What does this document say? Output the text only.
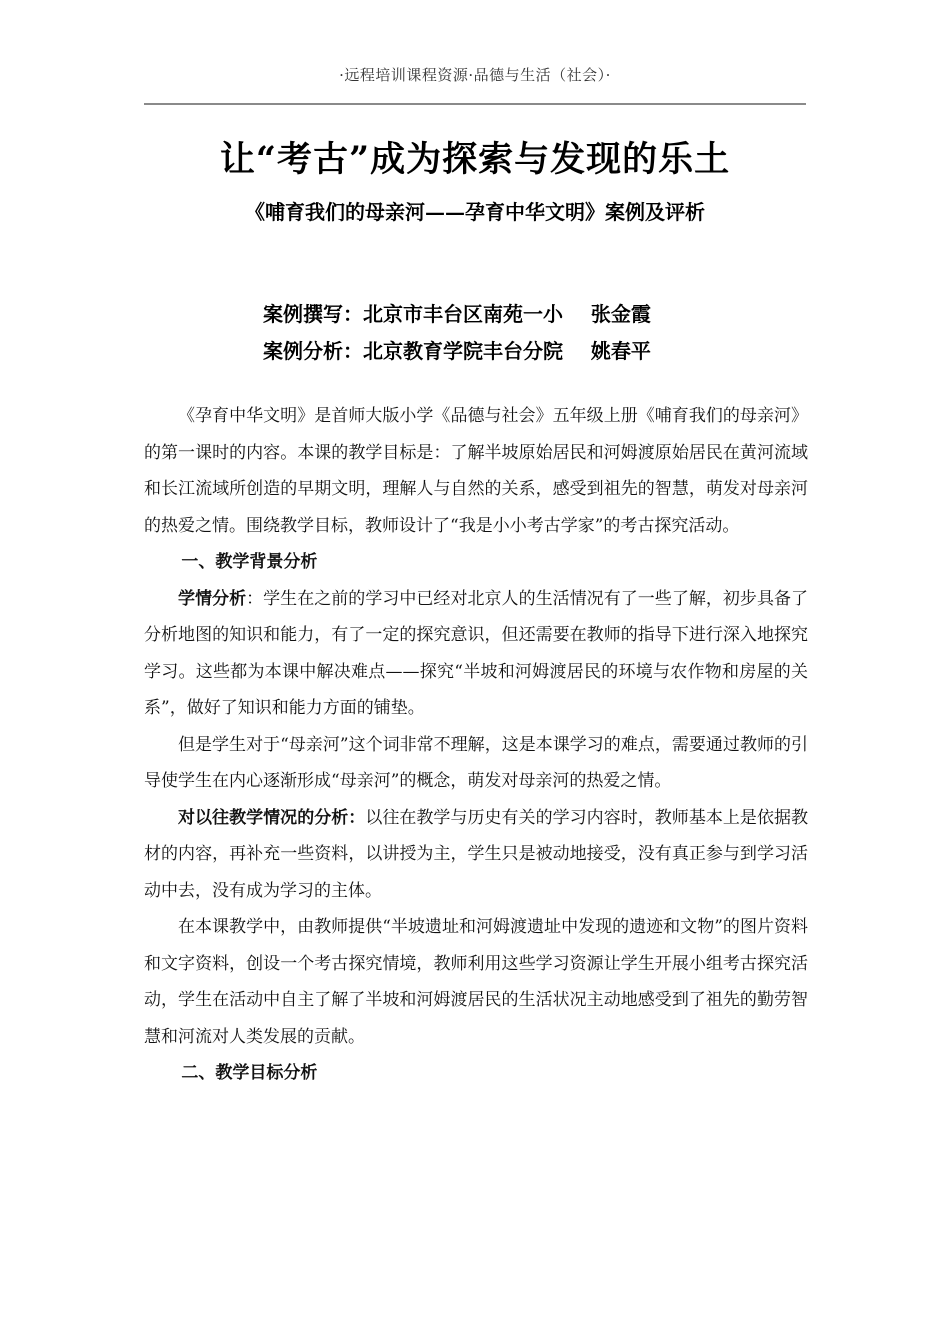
·远程培训课程资源·品德与生活（社会）·
让“考古”成为探索与发现的乐土
《哺育我们的母亲河——孕育中华文明》案例及评析
案例撰写：北京市丰台区南苑一小    张金霞
案例分析：北京教育学院丰台分院    姚春平

《孕育中华文明》是首师大版小学《品德与社会》五年级上册《哺育我们的母亲河》的第一课时的内容。本课的教学目标是：了解半坡原始居民和河姆渡原始居民在黄河流域和长江流域所创造的早期文明，理解人与自然的关系，感受到祖先的智慧，萌发对母亲河的热爱之情。围绕教学目标，教师设计了“我是小小考古学家”的考古探究活动。

一、教学背景分析

学情分析：学生在之前的学习中已经对北京人的生活情况有了一些了解，初步具备了分析地图的知识和能力，有了一定的探究意识，但还需要在教师的指导下进行深入地探究学习。这些都为本课中解决难点——探究“半坡和河姆渡居民的环境与农作物和房屋的关系”，做好了知识和能力方面的铺垫。

但是学生对于“母亲河”这个词非常不理解，这是本课学习的难点，需要通过教师的引导使学生在内心逐渐形成“母亲河”的概念，萌发对母亲河的热爱之情。

对以往教学情况的分析：以往在教学与历史有关的学习内容时，教师基本上是依据教材的内容，再补充一些资料，以讲授为主，学生只是被动地接受，没有真正参与到学习活动中去，没有成为学习的主体。

在本课教学中，由教师提供“半坡遗址和河姆渡遗址中发现的遗迹和文物”的图片资料和文字资料，创设一个考古探究情境，教师利用这些学习资源让学生开展小组考古探究活动，学生在活动中自主了解了半坡和河姆渡居民的生活状况主动地感受到了祖先的勤劳智慧和河流对人类发展的贡献。

二、教学目标分析
